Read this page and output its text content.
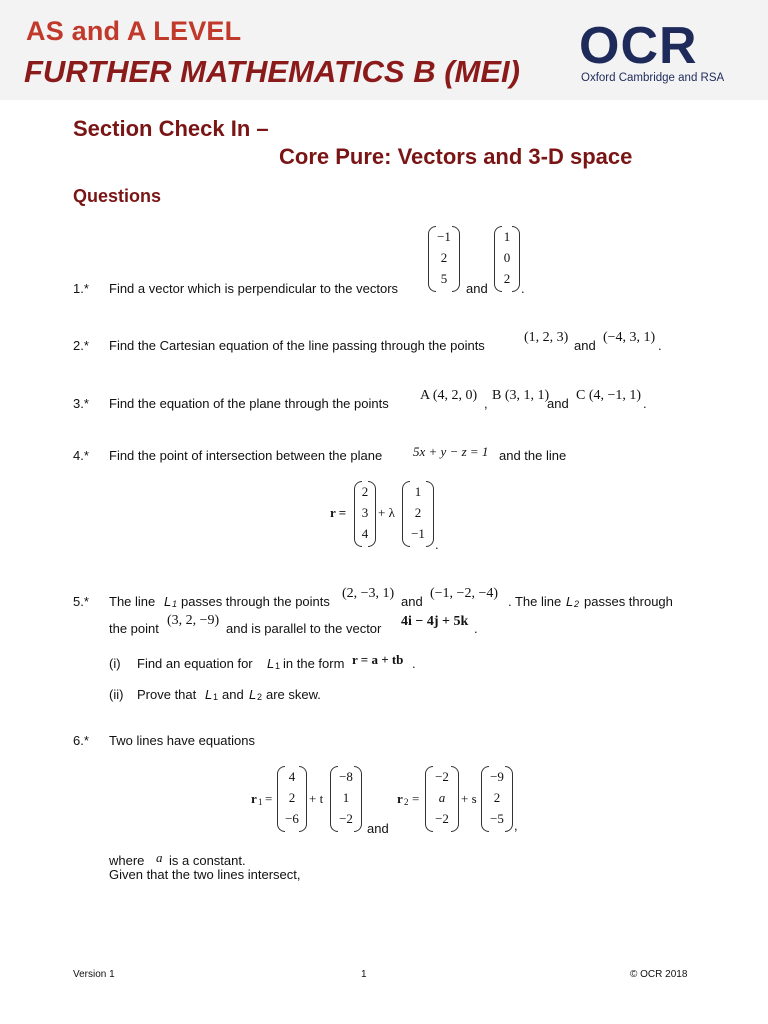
AS and A LEVEL
FURTHER MATHEMATICS B (MEI) OCR
Oxford Cambridge and RSA
Section Check In –
Core Pure: Vectors and 3-D space
Questions
1.* Find a vector which is perpendicular to the vectors
−1
2
5
and
1
0
2
.
2.* Find the Cartesian equation of the line passing through the points
(1, 2, 3)
and
(−4, 3, 1)
.
3.* Find the equation of the plane through the points
A (4, 2, 0)
,
B (3, 1, 1)
and
C (4, −1, 1)
.
4.* Find the point of intersection between the plane 5x + y − z = 1 and the line
r =
2
3
4
+ λ
1
2
−1
.
5.* The line L 1 passes through the points
(2, −3, 1)
and
(−1, −2, −4)
. The line L 2 passes through
the point
(3, 2, −9)
and is parallel to the vector 4i − 4j + 5k .
(i) Find an equation for L 1 in the form r = a + tb .
(ii) Prove that L 1 and L 2 are skew.
6.* Two lines have equations
r 1 =
4
2
−6
+ t
−8
1
−2
and
r 2 =
−2
a
−2
+ s
−9
2
−5 ,
where a is a constant.
Given that the two lines intersect,
Version 1	1	© OCR 2018
